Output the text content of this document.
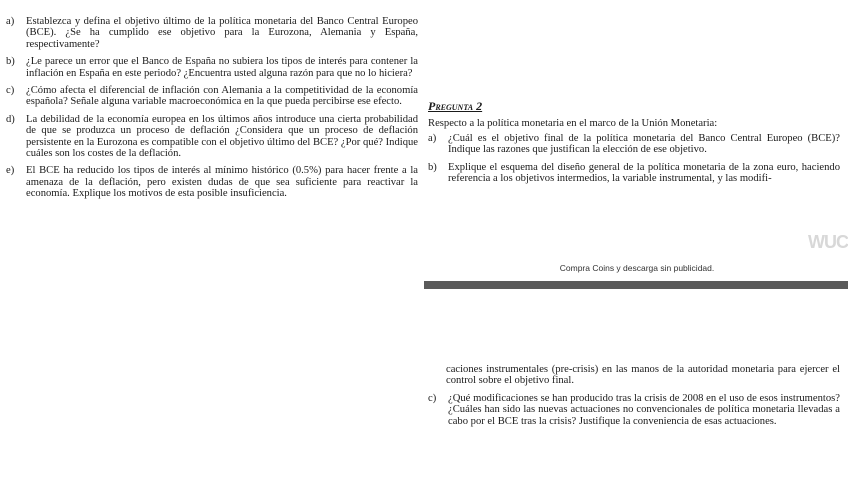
a)	Establezca y defina el objetivo último de la política monetaria del Banco Central Europeo (BCE). ¿Se ha cumplido ese objetivo para la Eurozona, Alemania y España, respectivamente?
b)	¿Le parece un error que el Banco de España no subiera los tipos de interés para contener la inflación en España en este periodo? ¿Encuentra usted alguna razón para que no lo hiciera?
c)	¿Cómo afecta el diferencial de inflación con Alemania a la competitividad de la economía española? Señale alguna variable macroeconómica en la que pueda percibirse ese efecto.
d)	La debilidad de la economía europea en los últimos años introduce una cierta probabilidad de que se produzca un proceso de deflación ¿Considera que un proceso de deflación persistente en la Eurozona es compatible con el objetivo último del BCE? ¿Por qué? Indique cuáles son los costes de la deflación.
e)	El BCE ha reducido los tipos de interés al mínimo histórico (0.5%) para hacer frente a la amenaza de la deflación, pero existen dudas de que sea suficiente para reactivar la economía. Explique los motivos de esta posible insuficiencia.
Pregunta 2
Respecto a la política monetaria en el marco de la Unión Monetaria:
a)	¿Cuál es el objetivo final de la política monetaria del Banco Central Europeo (BCE)? Indique las razones que justifican la elección de ese objetivo.
b)	Explique el esquema del diseño general de la política monetaria de la zona euro, haciendo referencia a los objetivos intermedios, la variable instrumental, y las modifi-
WUC
Compra Coins y descarga sin publicidad.
caciones instrumentales (pre-crisis) en las manos de la autoridad monetaria para ejercer el control sobre el objetivo final.
c)	¿Qué modificaciones se han producido tras la crisis de 2008 en el uso de esos instrumentos? ¿Cuáles han sido las nuevas actuaciones no convencionales de política monetaria llevadas a cabo por el BCE tras la crisis? Justifique la conveniencia de esas actuaciones.
